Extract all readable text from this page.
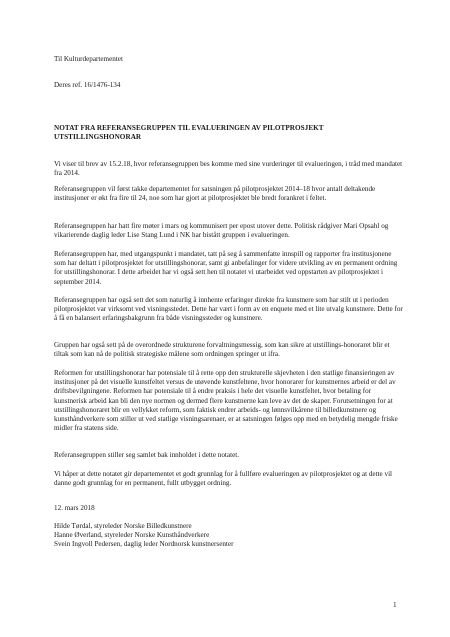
Til Kulturdepartementet

Deres ref. 16/1476-134

NOTAT FRA REFERANSEGRUPPEN TIL EVALUERINGEN AV PILOTPROSJEKT UTSTILLINGSHONORAR

Vi viser til brev av 15.2.18, hvor referansegruppen bes komme med sine vurderinger til evalueringen, i tråd med mandatet fra 2014.

Referansegruppen vil først takke departementet for satsningen på pilotprosjektet 2014–18 hvor antall deltakende institusjoner er økt fra fire til 24, noe som har gjort at pilotprosjektet ble bredt forankret i feltet.

Referansegruppen har hatt fire møter i mars og kommunisert per epost utover dette. Politisk rådgiver Mari Opsahl og vikarierende daglig leder Lise Stang Lund i NK har bistått gruppen i evalueringen.

Referansegruppen har, med utgangspunkt i mandatet, tatt på seg å sammenfatte innspill og rapporter fra institusjonene som har deltatt i pilotprosjektet for utstillingshonorar, samt gi anbefalinger for videre utvikling av en permanent ordning for utstillingshonorar. I dette arbeidet har vi også sett hen til notatet vi utarbeidet ved oppstarten av pilotprosjektet i september 2014.

Referansegruppen har også sett det som naturlig å innhente erfaringer direkte fra kunstnere som har stilt ut i perioden pilotprosjektet var virksomt ved visningsstedet. Dette har vært i form av en enquete med et lite utvalg kunstnere. Dette for å få en balansert erfaringsbakgrunn fra både visningssteder og kunstnere.

Gruppen har også sett på de overordnede strukturene forvaltningsmessig, som kan sikre at utstillings-honoraret blir et tiltak som kan nå de politisk strategiske målene som ordningen springer ut ifra.

Reformen for utstillingshonorar har potensiale til å rette opp den strukturelle skjevheten i den statlige finansieringen av institusjoner på det visuelle kunstfeltet versus de utøvende kunstfeltene, hvor honorarer for kunstnernes arbeid er del av driftsbevilgningene. Reformen har potensiale til å endre praksis i hele det visuelle kunstfeltet, hvor betaling for kunstnerisk arbeid kan bli den nye normen og dermed flere kunstnerne kan leve av det de skaper. Forutsetningen for at utstillingshonoraret blir en vellykket reform, som faktisk endrer arbeids- og lønnsvilkårene til billedkunstnere og kunsthåndverkere som stiller ut ved statlige visningsarenaer, er at satsningen følges opp med en betydelig mengde friske midler fra statens side.

Referansegruppen stiller seg samlet bak innholdet i dette notatet.

Vi håper at dette notatet gir departementet et godt grunnlag for å fullføre evalueringen av pilotprosjektet og at dette vil danne godt grunnlag for en permanent, fullt utbygget ordning.

12. mars 2018

Hilde Tørdal, styreleder Norske Billedkunstnere

Hanne Øverland, styreleder Norske Kunsthåndverkere

Svein Ingvoll Pedersen, daglig leder Nordnorsk kunstnersenter

1
